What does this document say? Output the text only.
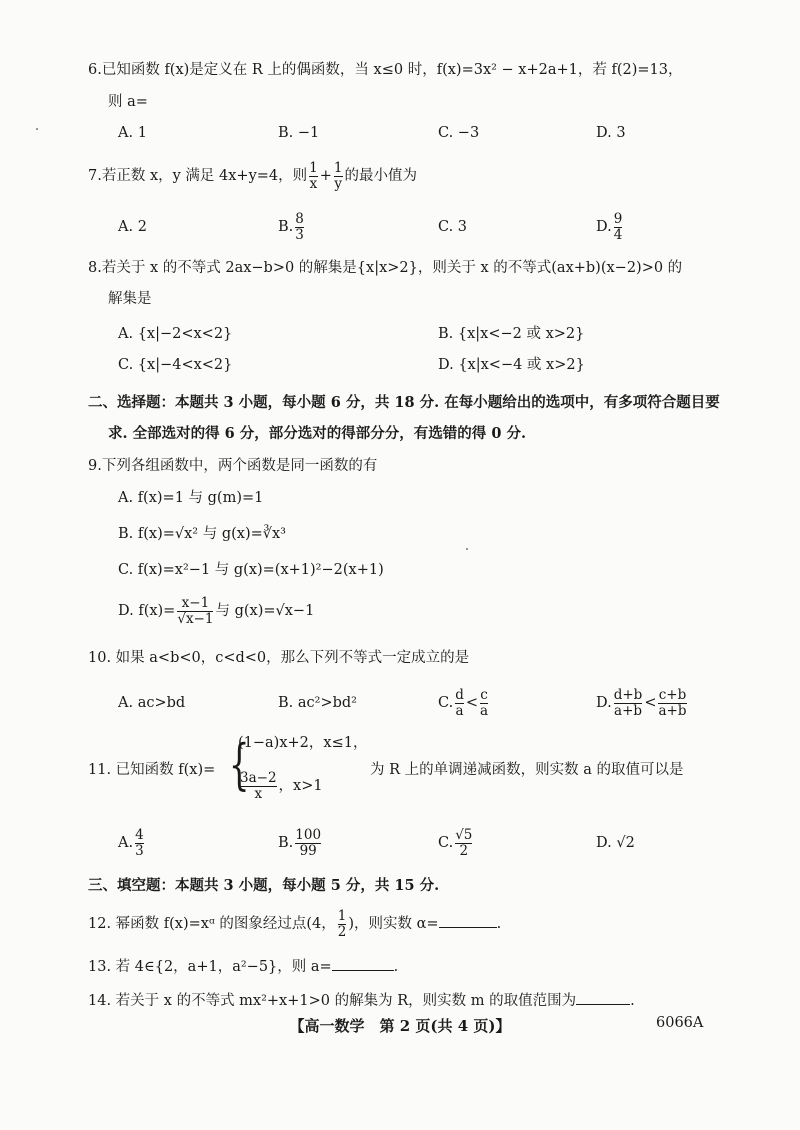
6.已知函数 f(x)是定义在 R 上的偶函数，当 x≤0 时，f(x)=3x² − x+2a+1，若 f(2)=13，
则 a=
A. 1	B. −1	C. −3	D. 3
7.若正数 x，y 满足 4x+y=4，则 $\frac{1}{x} + \frac{1}{y}$ 的最小值为
A. 2	B. $\frac{8}{3}$	C. 3	D. $\frac{9}{4}$
8.若关于 x 的不等式 2ax−b>0 的解集是{x|x>2}，则关于 x 的不等式(ax+b)(x−2)>0 的
解集是
A. {x|−2<x<2}	B. {x|x<−2 或 x>2}
C. {x|−4<x<2}	D. {x|x<−4 或 x>2}
二、选择题：本题共 3 小题，每小题 6 分，共 18 分. 在每小题给出的选项中，有多项符合题目要
求. 全部选对的得 6 分，部分选对的得部分分，有选错的得 0 分.
9.下列各组函数中，两个函数是同一函数的有
A. f(x)=1 与 g(m)=1
B. f(x)=√x² 与 g(x)=∛x³
C. f(x)=x²−1 与 g(x)=(x+1)²−2(x+1)
D. $f(x)= \frac{x-1}{√x-1}$ 与 g(x)=√x−1
10. 如果 a<b<0，c<d<0，那么下列不等式一定成立的是
A. ac>bd	B. ac²>bd²	C. $\frac{d}{a} < \frac{c}{a}$	D. $\frac{d+b}{a+b} < \frac{c+b}{a+b}$
11. 已知函数 f(x)= {
(1−a)x+2，x≤1，
$\frac{3a-2}{x}$ ，x>1
为 R 上的单调递减函数，则实数 a 的取值可以是
A. $\frac{4}{3}$	B. $\frac{100}{99}$	C. $\frac{√5}{2}$	D. √2
三、填空题：本题共 3 小题，每小题 5 分，共 15 分.
12. 幂函数 f(x)=xᵅ 的图象经过点(4， $\frac{1}{2}$ )，则实数 α=	.
13. 若 4∈{2，a+1，a²−5}，则 a=	.
14. 若关于 x 的不等式 mx²+x+1>0 的解集为 R，则实数 m 的取值范围为	.
【高一数学　第 2 页(共 4 页)】	6066A
